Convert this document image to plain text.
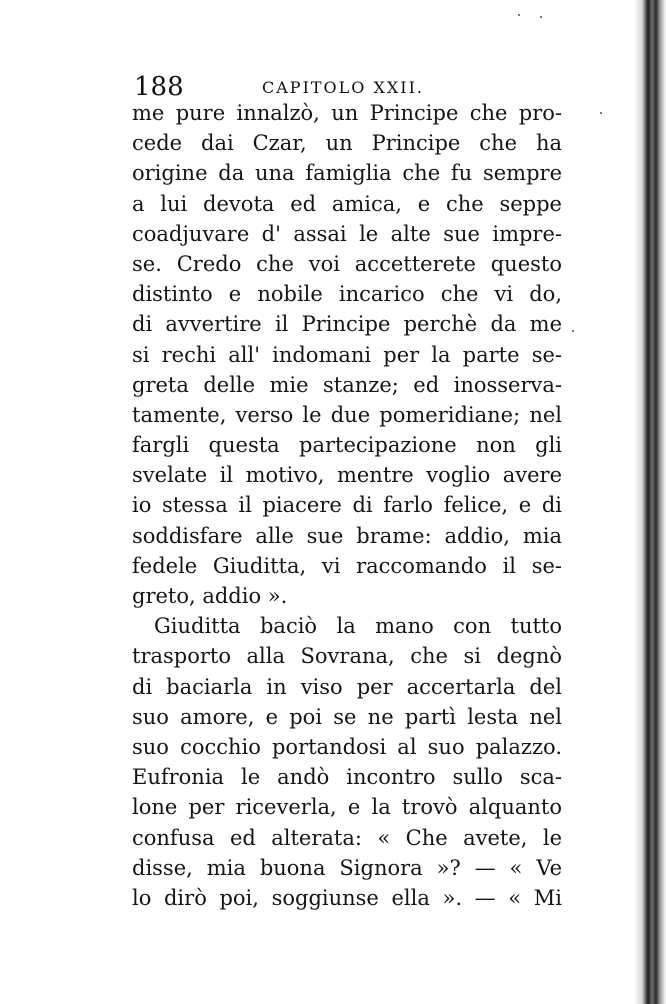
188	CAPITOLO XXII.
me pure innalzò, un Principe che pro-
cede dai Czar, un Principe che ha
origine da una famiglia che fu sempre
a lui devota ed amica, e che seppe
coadjuvare d' assai le alte sue impre-
se. Credo che voi accetterete questo
distinto e nobile incarico che vi do,
di avvertire il Principe perchè da me
si rechi all' indomani per la parte se-
greta delle mie stanze; ed inosserva-
tamente, verso le due pomeridiane; nel
fargli questa partecipazione non gli
svelate il motivo, mentre voglio avere
io stessa il piacere di farlo felice, e di
soddisfare alle sue brame: addio, mia
fedele Giuditta, vi raccomando il se-
greto, addio ».
Giuditta baciò la mano con tutto
trasporto alla Sovrana, che si degnò
di baciarla in viso per accertarla del
suo amore, e poi se ne partì lesta nel
suo cocchio portandosi al suo palazzo.
Eufronia le andò incontro sullo sca-
lone per riceverla, e la trovò alquanto
confusa ed alterata: « Che avete, le
disse, mia buona Signora »? — « Ve
lo dirò poi, soggiunse ella ». — « Mi
